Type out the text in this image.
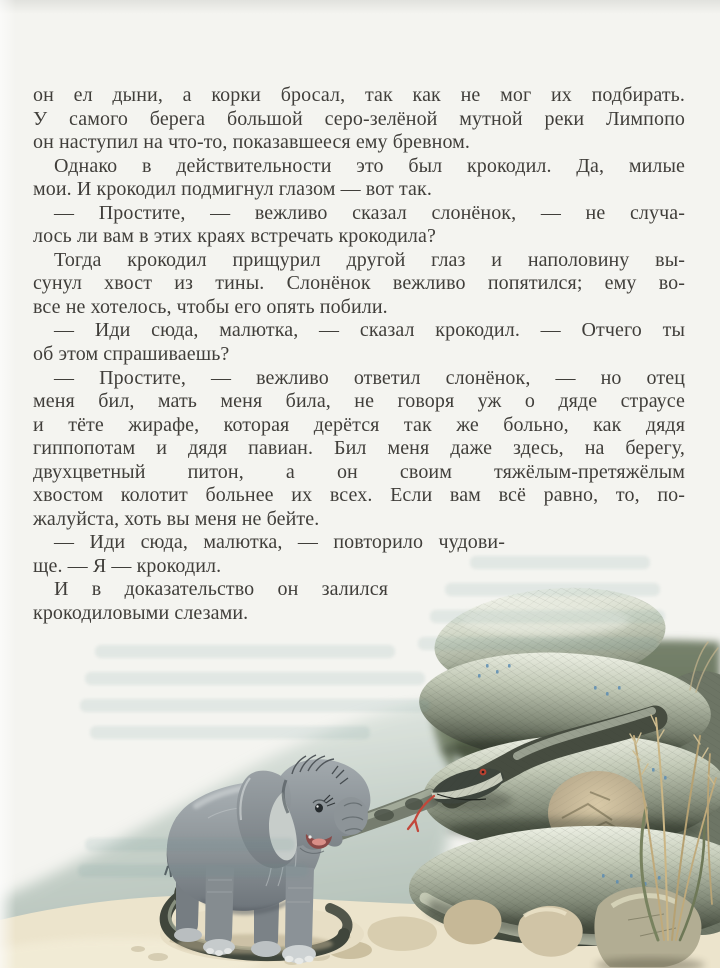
он ел дыни, а корки бросал, так как не мог их подбирать.
У самого берега большой серо-зелёной мутной реки Лимпопо
он наступил на что-то, показавшееся ему бревном.
Однако в действительности это был крокодил. Да, милые
мои. И крокодил подмигнул глазом — вот так.
— Простите, — вежливо сказал слонёнок, — не случа-
лось ли вам в этих краях встречать крокодила?
Тогда крокодил прищурил другой глаз и наполовину вы-
сунул хвост из тины. Слонёнок вежливо попятился; ему во-
все не хотелось, чтобы его опять побили.
— Иди сюда, малютка, — сказал крокодил. — Отчего ты
об этом спрашиваешь?
— Простите, — вежливо ответил слонёнок, — но отец
меня бил, мать меня била, не говоря уж о дяде страусе
и тёте жирафе, которая дерётся так же больно, как дядя
гиппопотам и дядя павиан. Бил меня даже здесь, на берегу,
двухцветный питон, а он своим тяжёлым-претяжёлым
хвостом колотит больнее их всех. Если вам всё равно, то, по-
жалуйста, хоть вы меня не бейте.
— Иди сюда, малютка, — повторило чудови-
ще. — Я — крокодил.
И в доказательство он залился
крокодиловыми слезами.
